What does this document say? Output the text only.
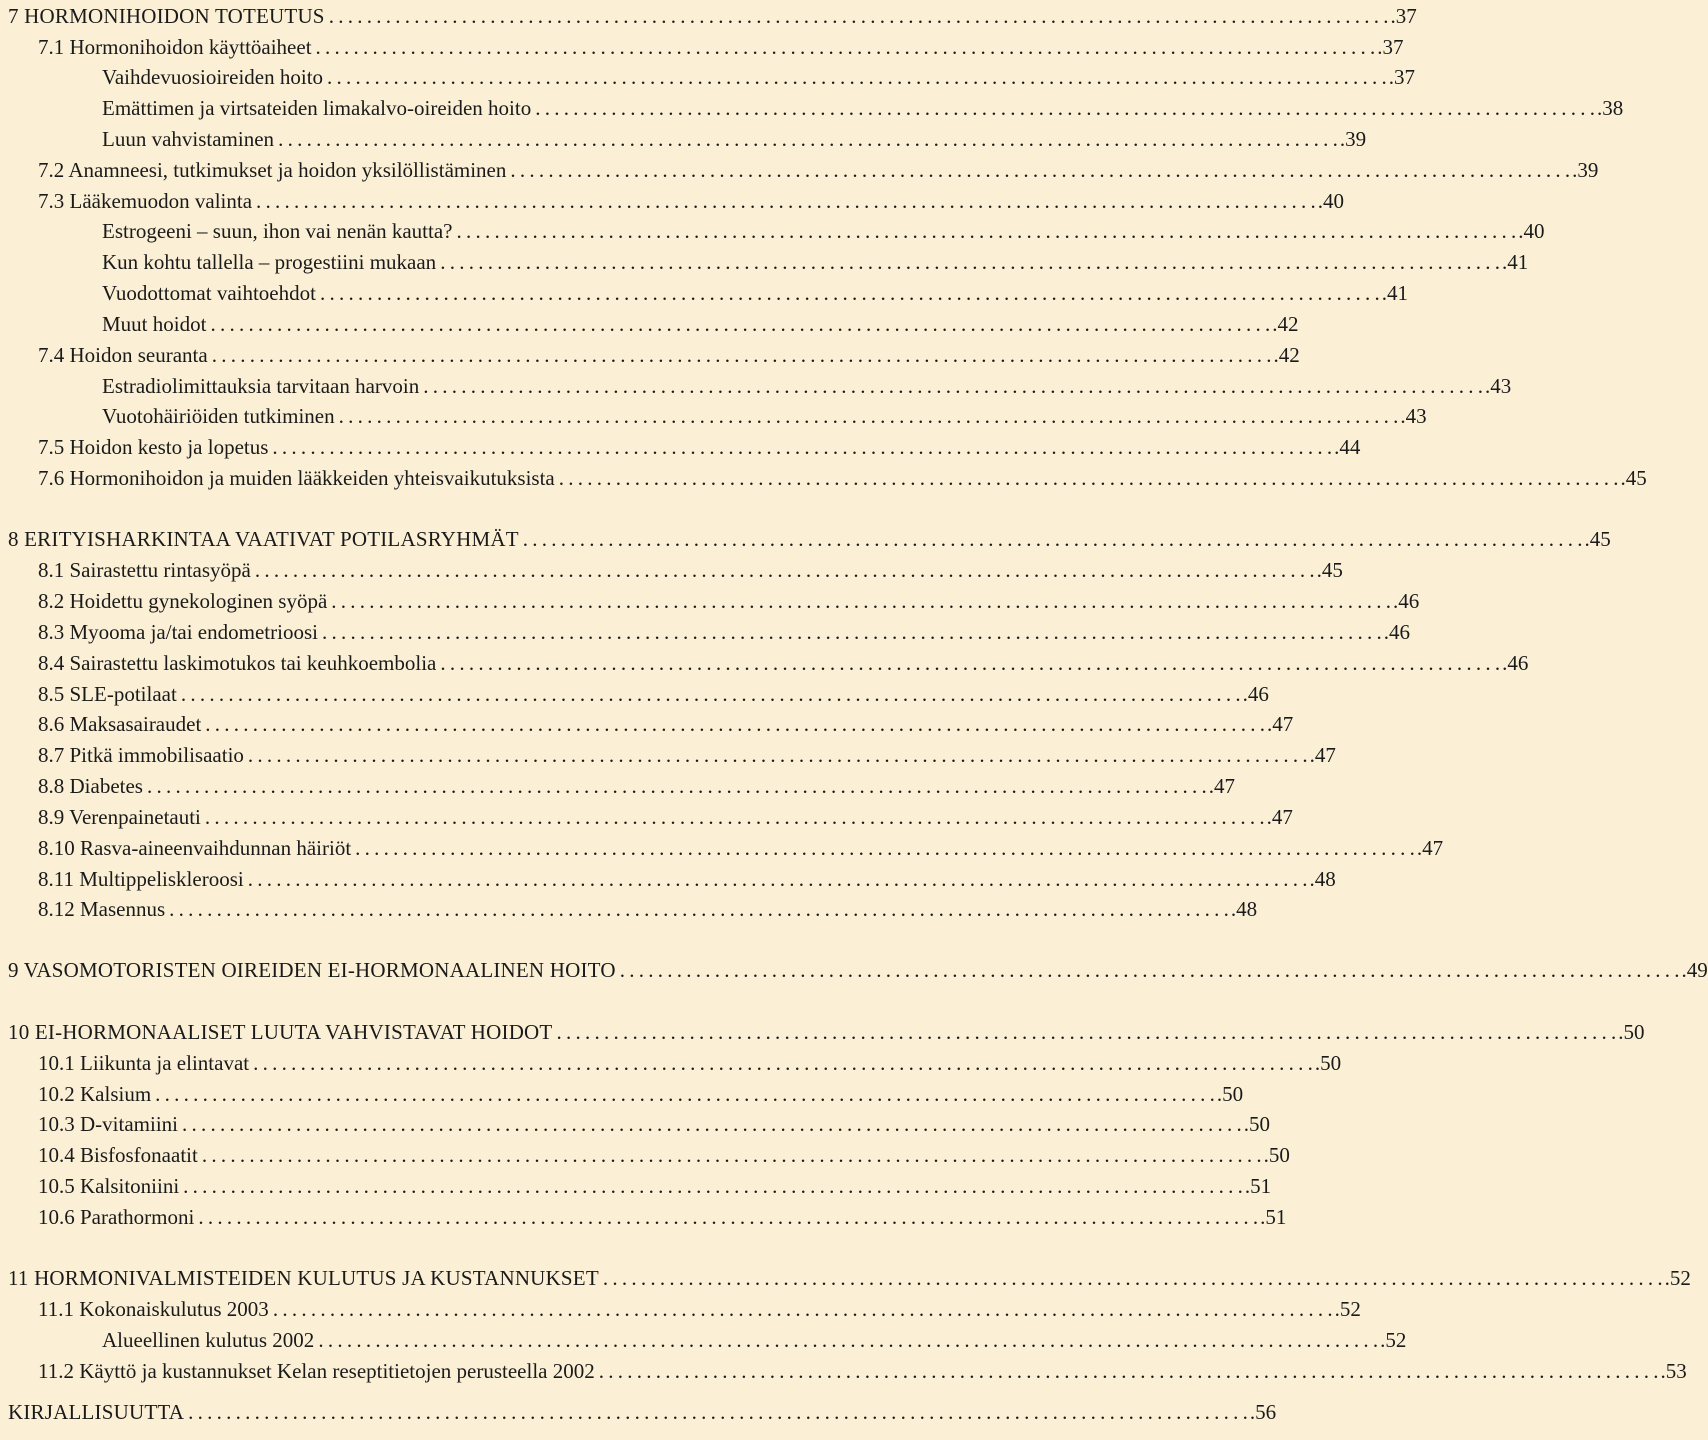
7 HORMONIHOIDON TOTEUTUS . . .	.37
7.1 Hormonihoidon käyttöaiheet . . .	.37
Vaihdevuosioireiden hoito . . .	.37
Emättimen ja virtsateiden limakalvo-oireiden hoito . . .	.38
Luun vahvistaminen . . .	.39
7.2 Anamneesi, tutkimukset ja hoidon yksilöllistäminen . . .	.39
7.3 Lääkemuodon valinta . . .	.40
Estrogeeni – suun, ihon vai nenän kautta? . . .	.40
Kun kohtu tallella – progestiini mukaan . . .	.41
Vuodottomat vaihtoehdot . . .	.41
Muut hoidot . . .	.42
7.4 Hoidon seuranta . . .	.42
Estradiolimittauksia tarvitaan harvoin . . .	.43
Vuotohäiriöiden tutkiminen . . .	.43
7.5 Hoidon kesto ja lopetus . . .	.44
7.6 Hormonihoidon ja muiden lääkkeiden yhteisvaikutuksista . . .	.45
8 ERITYISHARKINTAA VAATIVAT POTILASRYHMÄT . . .	.45
8.1 Sairastettu rintasyöpä . . .	.45
8.2 Hoidettu gynekologinen syöpä . . .	.46
8.3 Myooma ja/tai endometrioosi . . .	.46
8.4 Sairastettu laskimotukos tai keuhkoembolia . . .	.46
8.5 SLE-potilaat . . .	.46
8.6 Maksasairaudet . . .	.47
8.7 Pitkä immobilisaatio . . .	.47
8.8 Diabetes . . .	.47
8.9 Verenpainetauti . . .	.47
8.10 Rasva-aineenvaihdunnan häiriöt . . .	.47
8.11 Multippeliskleroosi . . .	.48
8.12 Masennus . . .	.48
9 VASOMOTORISTEN OIREIDEN EI-HORMONAALINEN HOITO . . .	.49
10 EI-HORMONAALISET LUUTA VAHVISTAVAT HOIDOT . . .	.50
10.1 Liikunta ja elintavat . . .	.50
10.2 Kalsium . . .	.50
10.3 D-vitamiini . . .	.50
10.4 Bisfosfonaatit . . .	.50
10.5 Kalsitoniini . . .	.51
10.6 Parathormoni . . .	.51
11 HORMONIVALMISTEIDEN KULUTUS JA KUSTANNUKSET . . .	.52
11.1 Kokonaiskulutus 2003 . . .	.52
Alueellinen kulutus 2002 . . .	.52
11.2 Käyttö ja kustannukset Kelan reseptitietojen perusteella 2002 . . .	.53
KIRJALLISUUTTA . . .	.56
